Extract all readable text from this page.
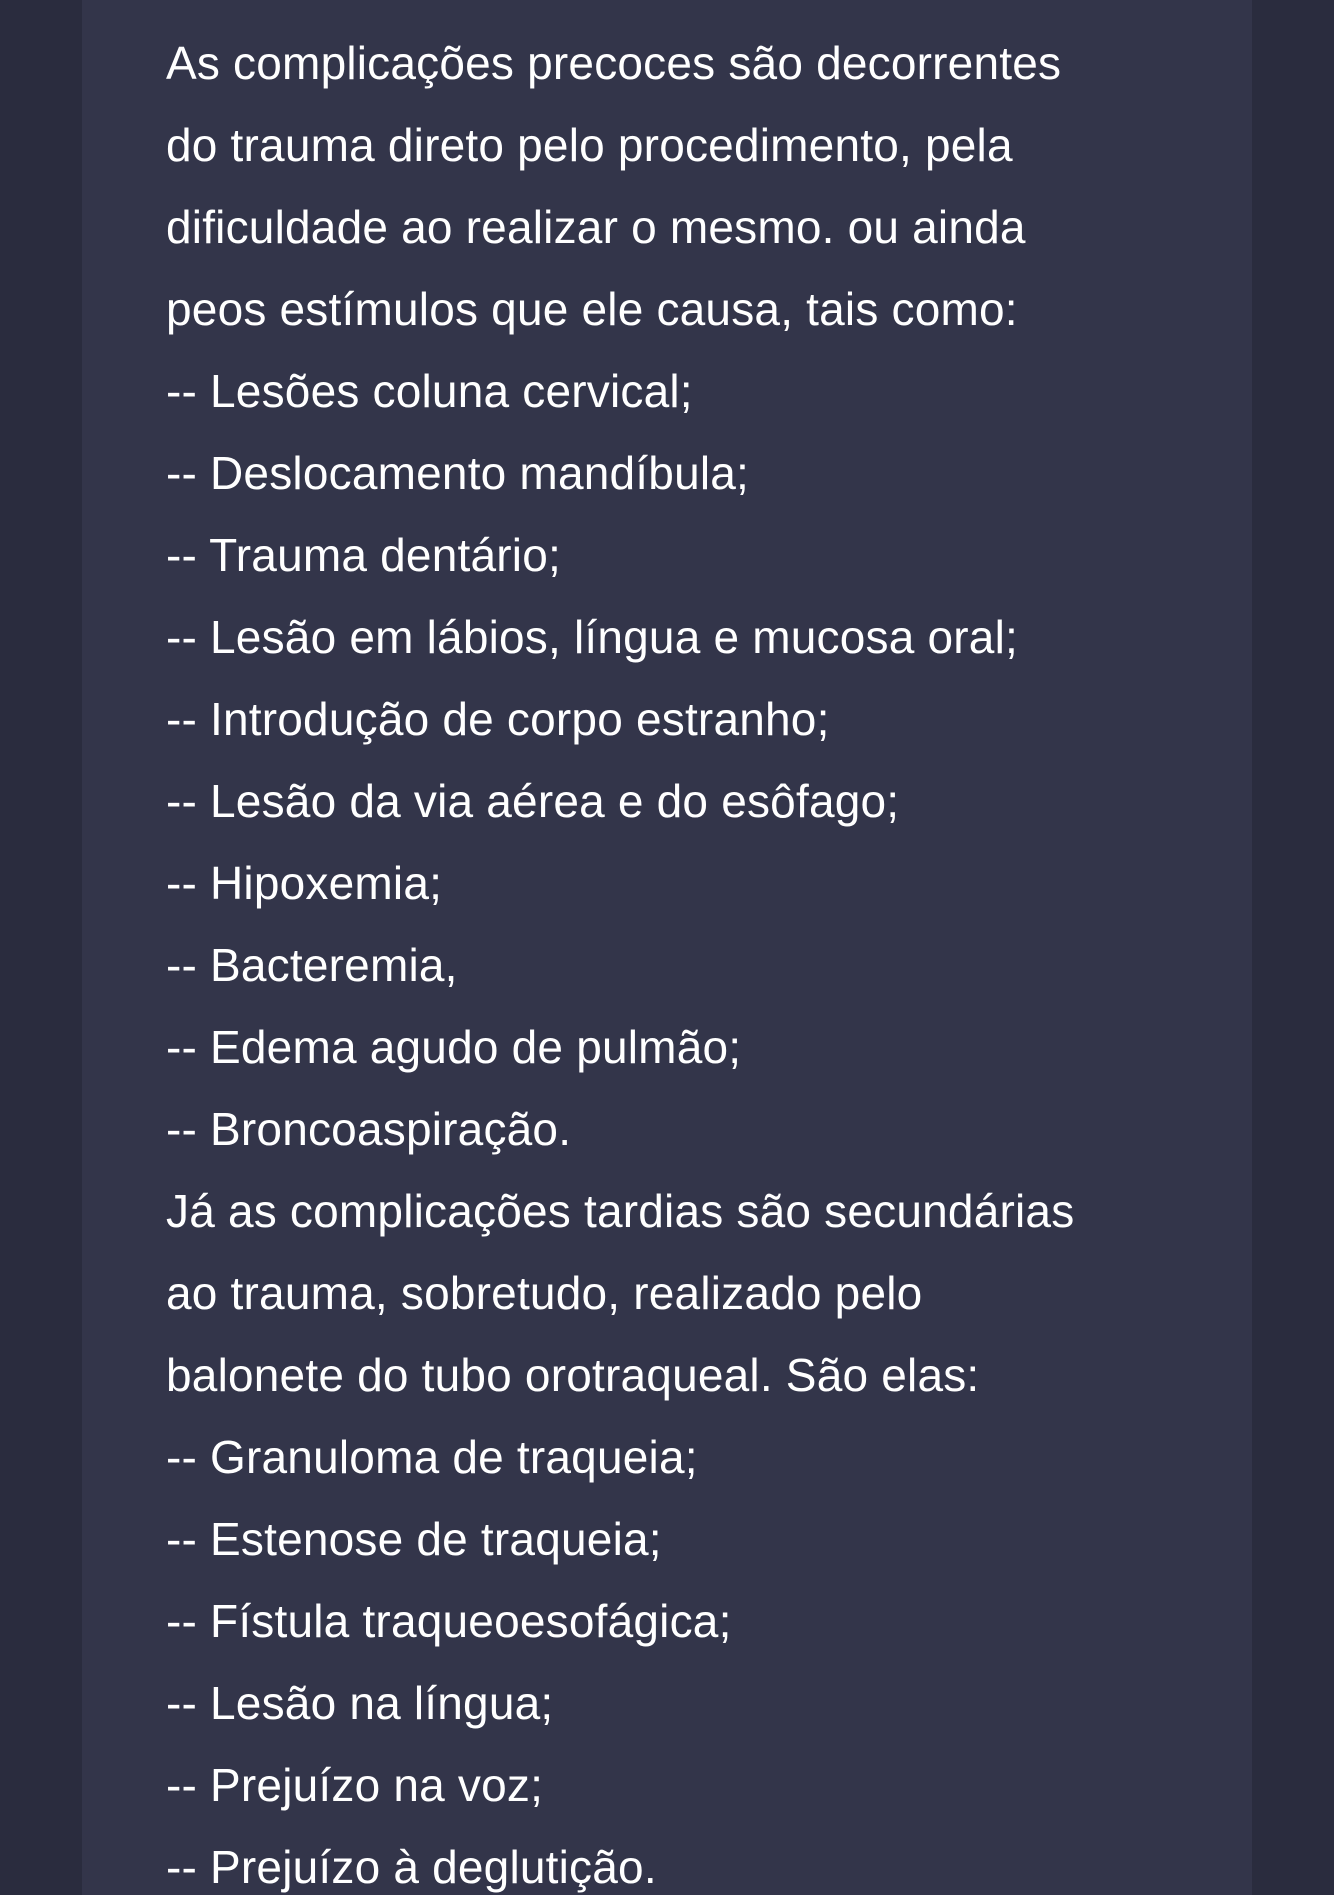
As complicações precoces são decorrentes
do trauma direto pelo procedimento, pela
dificuldade ao realizar o mesmo. ou ainda
peos estímulos que ele causa, tais como:
-- Lesões coluna cervical;
-- Deslocamento mandíbula;
-- Trauma dentário;
-- Lesão em lábios, língua e mucosa oral;
-- Introdução de corpo estranho;
-- Lesão da via aérea e do esôfago;
-- Hipoxemia;
-- Bacteremia,
-- Edema agudo de pulmão;
-- Broncoaspiração.
Já as complicações tardias são secundárias
ao trauma, sobretudo, realizado pelo
balonete do tubo orotraqueal. São elas:
-- Granuloma de traqueia;
-- Estenose de traqueia;
-- Fístula traqueoesofágica;
-- Lesão na língua;
-- Prejuízo na voz;
-- Prejuízo à deglutição.
